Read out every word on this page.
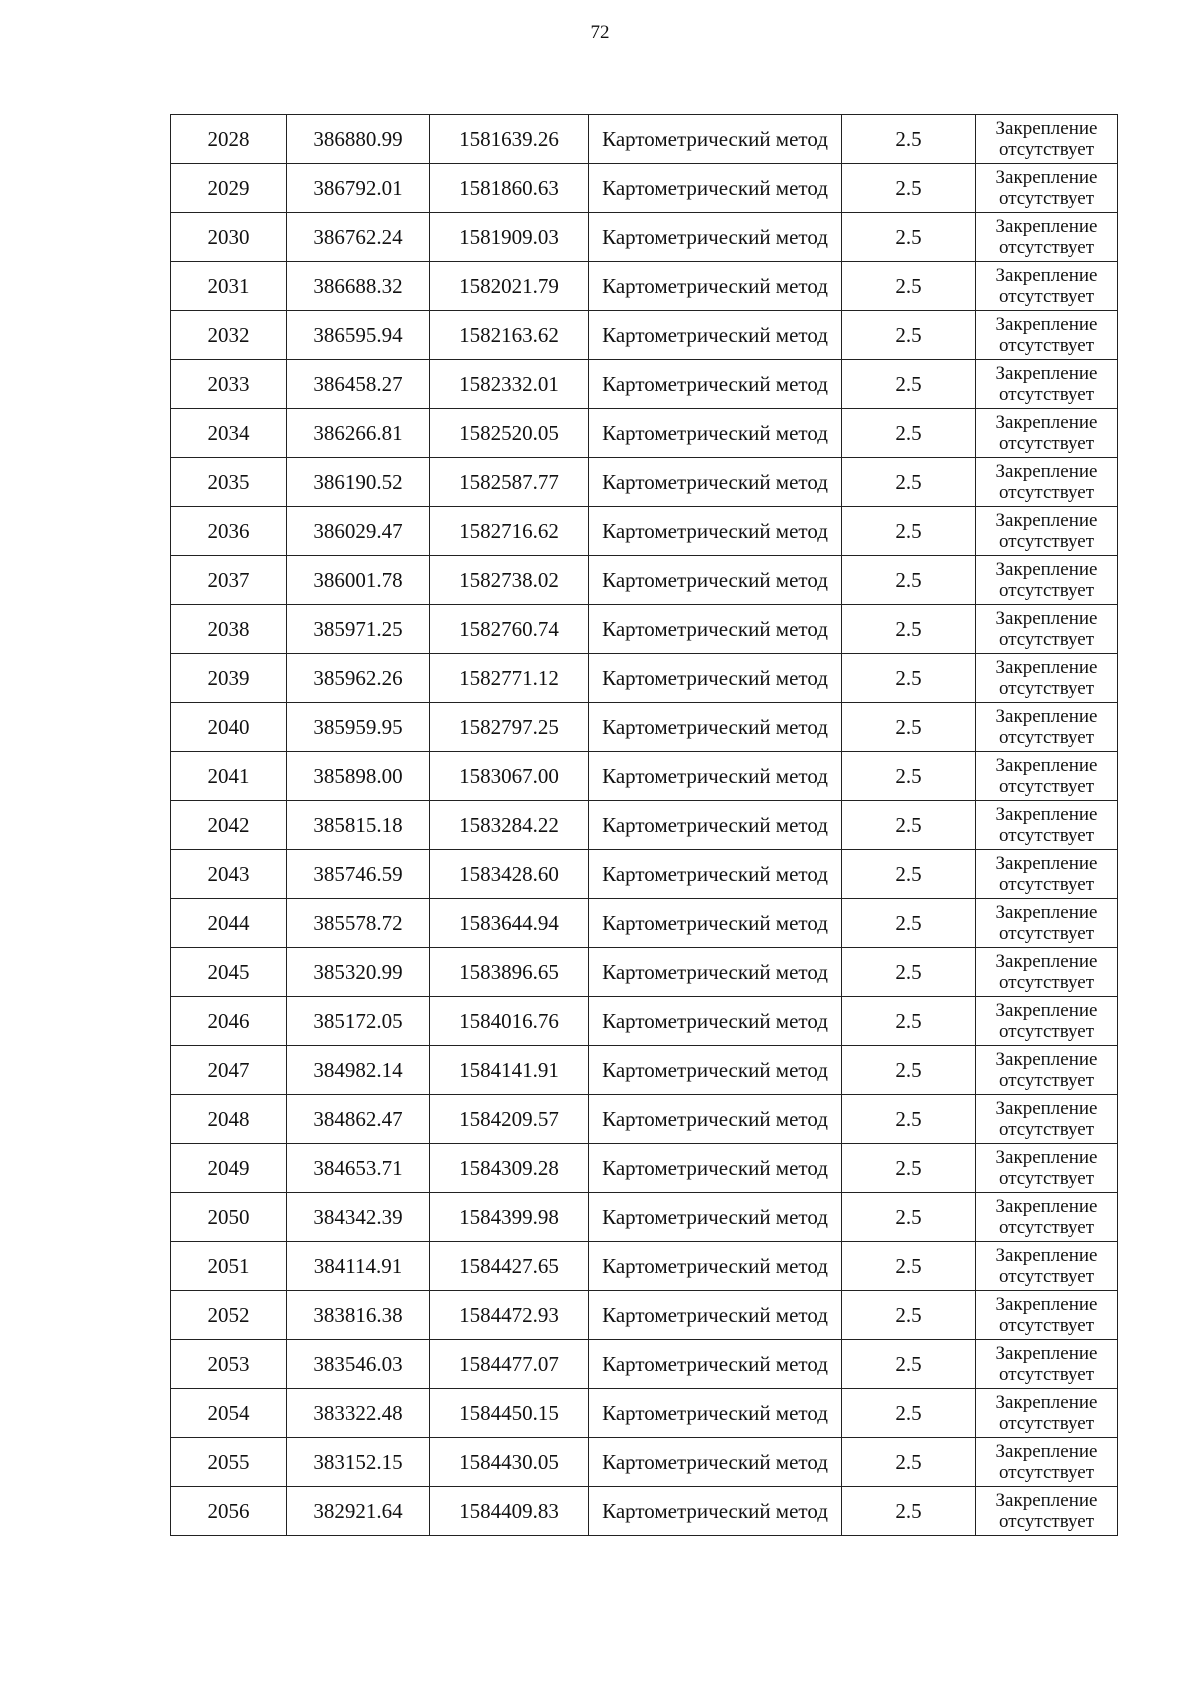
72
2028	386880.99	1581639.26	Картометрический метод	2.5	Закрепление
отсутствует

2029	386792.01	1581860.63	Картометрический метод	2.5	Закрепление
отсутствует

2030	386762.24	1581909.03	Картометрический метод	2.5	Закрепление
отсутствует

2031	386688.32	1582021.79	Картометрический метод	2.5	Закрепление
отсутствует

2032	386595.94	1582163.62	Картометрический метод	2.5	Закрепление
отсутствует

2033	386458.27	1582332.01	Картометрический метод	2.5	Закрепление
отсутствует

2034	386266.81	1582520.05	Картометрический метод	2.5	Закрепление
отсутствует

2035	386190.52	1582587.77	Картометрический метод	2.5	Закрепление
отсутствует

2036	386029.47	1582716.62	Картометрический метод	2.5	Закрепление
отсутствует

2037	386001.78	1582738.02	Картометрический метод	2.5	Закрепление
отсутствует

2038	385971.25	1582760.74	Картометрический метод	2.5	Закрепление
отсутствует

2039	385962.26	1582771.12	Картометрический метод	2.5	Закрепление
отсутствует

2040	385959.95	1582797.25	Картометрический метод	2.5	Закрепление
отсутствует

2041	385898.00	1583067.00	Картометрический метод	2.5	Закрепление
отсутствует

2042	385815.18	1583284.22	Картометрический метод	2.5	Закрепление
отсутствует

2043	385746.59	1583428.60	Картометрический метод	2.5	Закрепление
отсутствует

2044	385578.72	1583644.94	Картометрический метод	2.5	Закрепление
отсутствует

2045	385320.99	1583896.65	Картометрический метод	2.5	Закрепление
отсутствует

2046	385172.05	1584016.76	Картометрический метод	2.5	Закрепление
отсутствует

2047	384982.14	1584141.91	Картометрический метод	2.5	Закрепление
отсутствует

2048	384862.47	1584209.57	Картометрический метод	2.5	Закрепление
отсутствует

2049	384653.71	1584309.28	Картометрический метод	2.5	Закрепление
отсутствует

2050	384342.39	1584399.98	Картометрический метод	2.5	Закрепление
отсутствует

2051	384114.91	1584427.65	Картометрический метод	2.5	Закрепление
отсутствует

2052	383816.38	1584472.93	Картометрический метод	2.5	Закрепление
отсутствует

2053	383546.03	1584477.07	Картометрический метод	2.5	Закрепление
отсутствует

2054	383322.48	1584450.15	Картометрический метод	2.5	Закрепление
отсутствует

2055	383152.15	1584430.05	Картометрический метод	2.5	Закрепление
отсутствует

2056	382921.64	1584409.83	Картометрический метод	2.5	Закрепление
отсутствует
